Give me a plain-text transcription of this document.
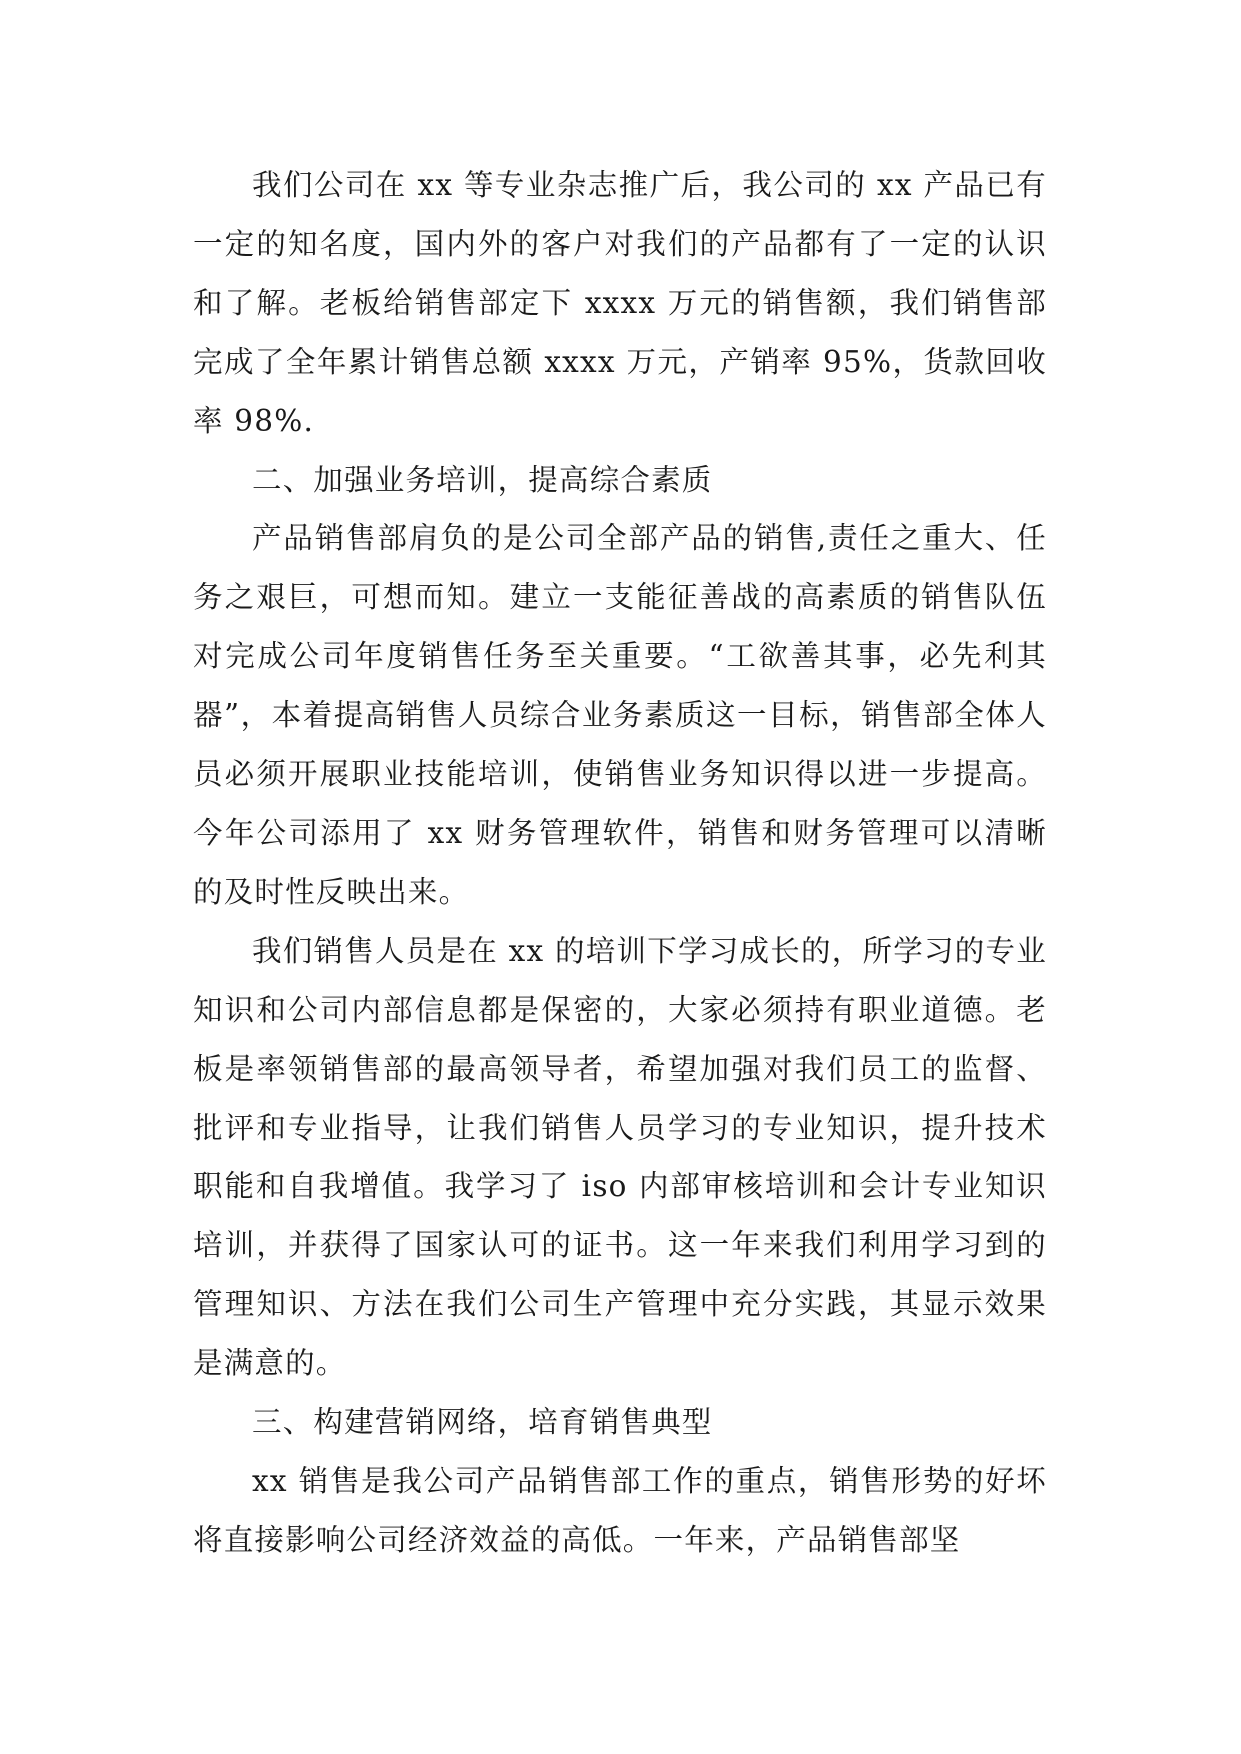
我们公司在 xx 等专业杂志推广后，我公司的 xx 产品已有一定的知名度，国内外的客户对我们的产品都有了一定的认识和了解。老板给销售部定下 xxxx 万元的销售额，我们销售部完成了全年累计销售总额 xxxx 万元，产销率 95%，货款回收率 98%.

二、加强业务培训，提高综合素质

产品销售部肩负的是公司全部产品的销售,责任之重大、任务之艰巨，可想而知。建立一支能征善战的高素质的销售队伍对完成公司年度销售任务至关重要。“工欲善其事，必先利其器”，本着提高销售人员综合业务素质这一目标，销售部全体人员必须开展职业技能培训，使销售业务知识得以进一步提高。今年公司添用了 xx 财务管理软件，销售和财务管理可以清晰的及时性反映出来。

我们销售人员是在 xx 的培训下学习成长的，所学习的专业知识和公司内部信息都是保密的，大家必须持有职业道德。老板是率领销售部的最高领导者，希望加强对我们员工的监督、批评和专业指导，让我们销售人员学习的专业知识，提升技术职能和自我增值。我学习了 iso 内部审核培训和会计专业知识培训，并获得了国家认可的证书。这一年来我们利用学习到的管理知识、方法在我们公司生产管理中充分实践，其显示效果是满意的。

三、构建营销网络，培育销售典型

xx 销售是我公司产品销售部工作的重点，销售形势的好坏将直接影响公司经济效益的高低。一年来，产品销售部坚
